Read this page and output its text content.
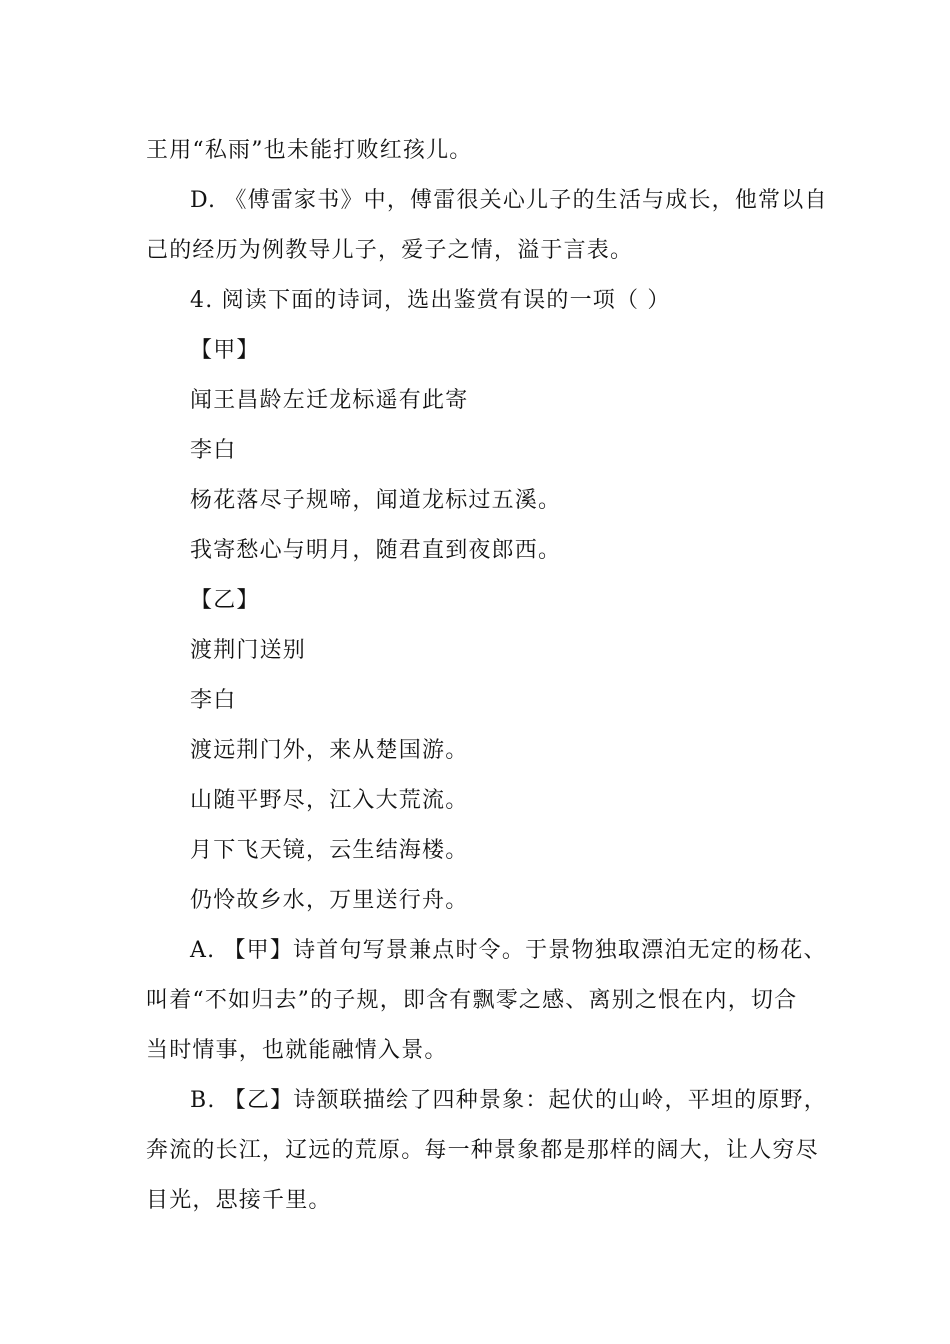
王用“私雨”也未能打败红孩儿。
D. 《傅雷家书》中，傅雷很关心儿子的生活与成长，他常以自
己的经历为例教导儿子，爱子之情，溢于言表。
4. 阅读下面的诗词，选出鉴赏有误的一项（ ）
【甲】
闻王昌龄左迁龙标遥有此寄
李白
杨花落尽子规啼，闻道龙标过五溪。
我寄愁心与明月，随君直到夜郎西。
【乙】
渡荆门送别
李白
渡远荆门外，来从楚国游。
山随平野尽，江入大荒流。
月下飞天镜，云生结海楼。
仍怜故乡水，万里送行舟。
A. 【甲】诗首句写景兼点时令。于景物独取漂泊无定的杨花、
叫着“不如归去”的子规，即含有飘零之感、离别之恨在内，切合
当时情事，也就能融情入景。
B. 【乙】诗颔联描绘了四种景象：起伏的山岭，平坦的原野，
奔流的长江，辽远的荒原。每一种景象都是那样的阔大，让人穷尽
目光，思接千里。
